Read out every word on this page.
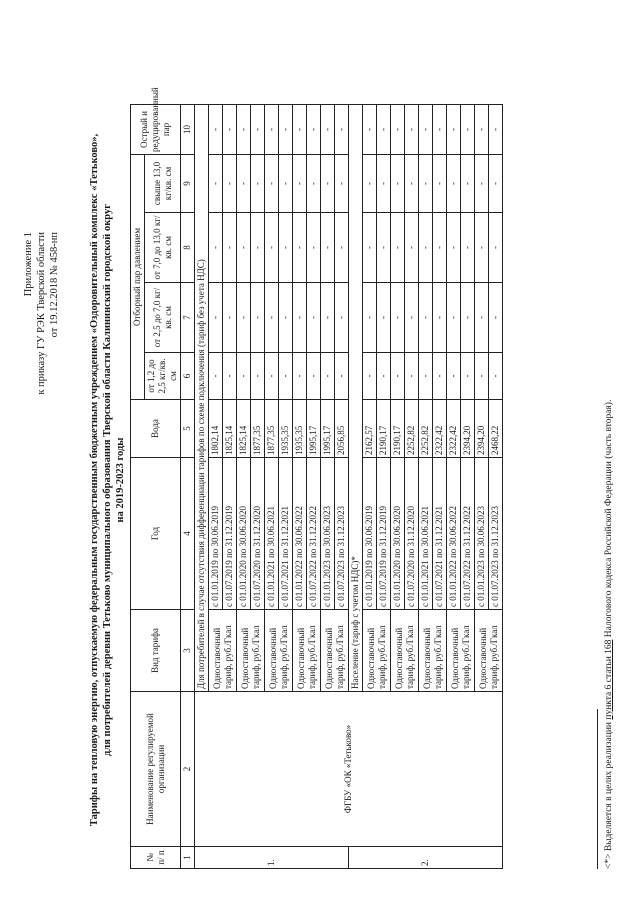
Приложение 1 к приказу ГУ РЭК Тверской области от 19.12.2018 № 458-нп	Тарифы на тепловую энергию, отпускаемую федеральным государственным бюджетным учреждением «Оздоровительный комплекс «Тетьково», для потребителей деревни Тетьково муниципального образования Тверской области Калининский городской округ на 2019-2023 годы
№ п/ п	Наименование регулируемой организации	Вид тарифа	Год	Вода	Отборный пар давлением				Острый и редуцированный пар
					от 1,2 до 2,5 кг/кв. см	от 2,5 до 7,0 кг/кв. см	от 7,0 до 13,0 кг/кв. см	свыше 13,0 кг/кв. см	
1	2	3	4	5	6	7	8	9	10
1.	ФГБУ «ОК «Тетьково»	Для потребителей в случае отсутствия дифференциации тарифов по схеме подключения (тариф без учета НДС)							
		Одноставочный тариф, руб./Гкал	с 01.01.2019 по 30.06.2019	1802,14	-	-	-	-	-
			с 01.07.2019 по 31.12.2019	1825,14	-	-	-	-	-
		Одноставочный тариф, руб./Гкал	с 01.01.2020 по 30.06.2020	1825,14	-	-	-	-	-
			с 01.07.2020 по 31.12.2020	1877,35	-	-	-	-	-
		Одноставочный тариф, руб./Гкал	с 01.01.2021 по 30.06.2021	1877,35	-	-	-	-	-
			с 01.07.2021 по 31.12.2021	1935,35	-	-	-	-	-
		Одноставочный тариф, руб./Гкал	с 01.01.2022 по 30.06.2022	1935,35	-	-	-	-	-
			с 01.07.2022 по 31.12.2022	1995,17	-	-	-	-	-
		Одноставочный тариф, руб./Гкал	с 01.01.2023 по 30.06.2023	1995,17	-	-	-	-	-
			с 01.07.2023 по 31.12.2023	2056,85	-	-	-	-	-
2.		Население (тариф с учетом НДС)*							
		Одноставочный тариф, руб./Гкал	с 01.01.2019 по 30.06.2019	2162,57	-	-	-	-	-
			с 01.07.2019 по 31.12.2019	2190,17	-	-	-	-	-
		Одноставочный тариф, руб./Гкал	с 01.01.2020 по 30.06.2020	2190,17	-	-	-	-	-
			с 01.07.2020 по 31.12.2020	2252,82	-	-	-	-	-
		Одноставочный тариф, руб./Гкал	с 01.01.2021 по 30.06.2021	2252,82	-	-	-	-	-
			с 01.07.2021 по 31.12.2021	2322,42	-	-	-	-	-
		Одноставочный тариф, руб./Гкал	с 01.01.2022 по 30.06.2022	2322,42	-	-	-	-	-
			с 01.07.2022 по 31.12.2022	2394,20	-	-	-	-	-
		Одноставочный тариф, руб./Гкал	с 01.01.2023 по 30.06.2023	2394,20	-	-	-	-	-
			с 01.07.2023 по 31.12.2023	2468,22	-	-	-	-	-
<*> Выделяется в целях реализации пункта 6 статьи 168 Налогового кодекса Российской Федерации (часть вторая).
